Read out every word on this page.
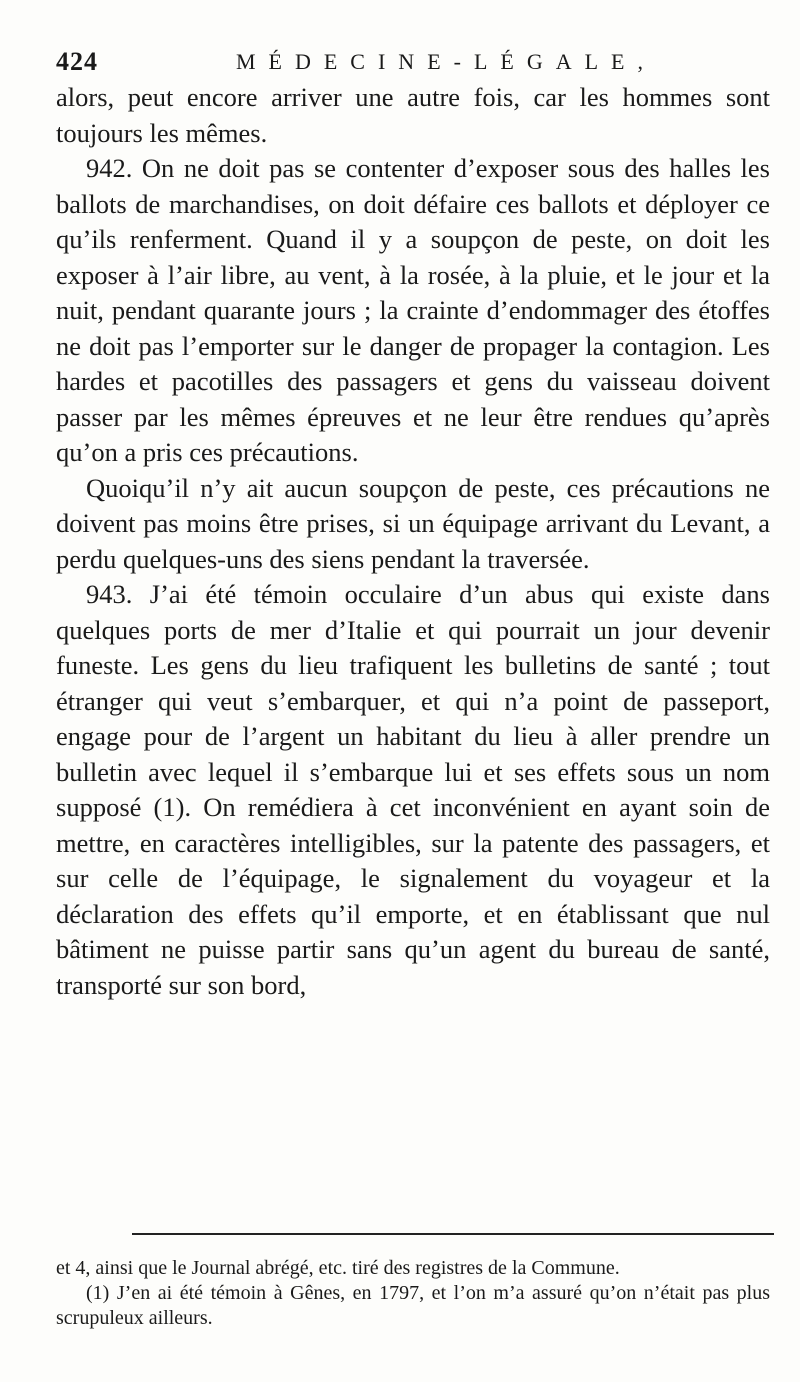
424	MÉDECINE-LÉGALE,

alors, peut encore arriver une autre fois, car les hommes sont toujours les mêmes.

942. On ne doit pas se contenter d’exposer sous des halles les ballots de marchandises, on doit défaire ces ballots et déployer ce qu’ils renferment. Quand il y a soupçon de peste, on doit les exposer à l’air libre, au vent, à la rosée, à la pluie, et le jour et la nuit, pendant quarante jours ; la crainte d’endommager des étoffes ne doit pas l’emporter sur le danger de propager la contagion. Les hardes et pacotilles des passagers et gens du vaisseau doivent passer par les mêmes épreuves et ne leur être rendues qu’après qu’on a pris ces précautions.

Quoiqu’il n’y ait aucun soupçon de peste, ces précautions ne doivent pas moins être prises, si un équipage arrivant du Levant, a perdu quelques-uns des siens pendant la traversée.

943. J’ai été témoin occulaire d’un abus qui existe dans quelques ports de mer d’Italie et qui pourrait un jour devenir funeste. Les gens du lieu trafiquent les bulletins de santé ; tout étranger qui veut s’embarquer, et qui n’a point de passeport, engage pour de l’argent un habitant du lieu à aller prendre un bulletin avec lequel il s’embarque lui et ses effets sous un nom supposé (1). On remédiera à cet inconvénient en ayant soin de mettre, en caractères intelligibles, sur la patente des passagers, et sur celle de l’équipage, le signalement du voyageur et la déclaration des effets qu’il emporte, et en établissant que nul bâtiment ne puisse partir sans qu’un agent du bureau de santé, transporté sur son bord,

et 4, ainsi que le Journal abrégé, etc. tiré des registres de la Commune.

(1) J’en ai été témoin à Gênes, en 1797, et l’on m’a assuré qu’on n’était pas plus scrupuleux ailleurs.
